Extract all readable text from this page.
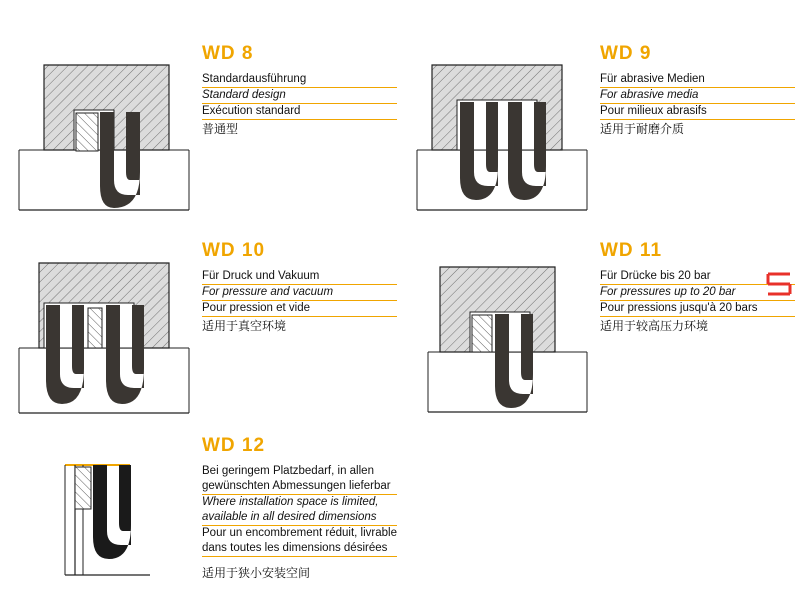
WD 8
Standardausführung
Standard design
Exécution standard
普通型
WD 9
Für abrasive Medien
For abrasive media
Pour milieux abrasifs
适用于耐磨介质
WD 10
Für Druck und Vakuum
For pressure and vacuum
Pour pression et vide
适用于真空环境
WD 11
Für Drücke bis 20 bar
For pressures up to 20 bar
Pour pressions jusqu'à 20 bars
适用于较高压力环境
WD 12
Bei geringem Platzbedarf, in allen
gewünschten Abmessungen lieferbar
Where installation space is limited,
available in all desired dimensions
Pour un encombrement réduit, livrable
dans toutes les dimensions désirées
适用于狭小安装空间
